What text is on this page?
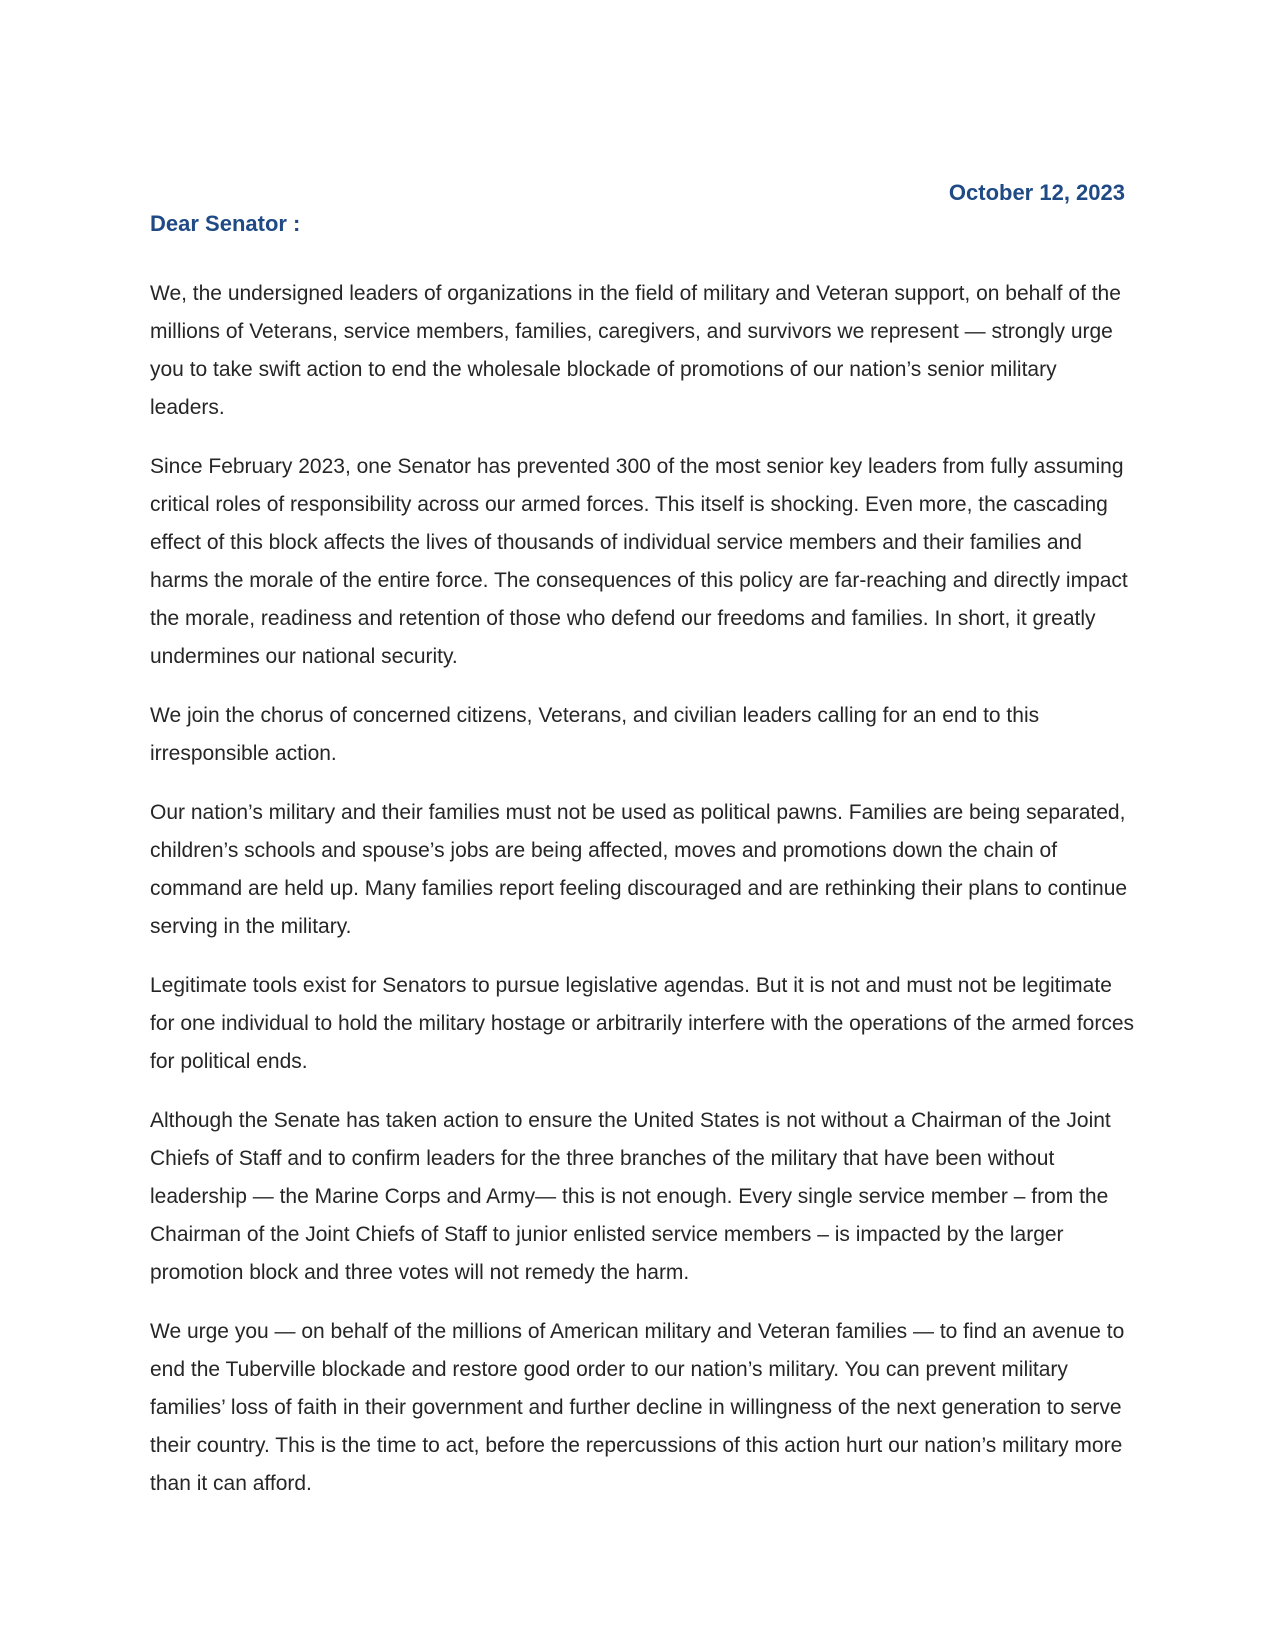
October 12, 2023
Dear Senator :

We, the undersigned leaders of organizations in the field of military and Veteran support, on behalf of the millions of Veterans, service members, families, caregivers, and survivors we represent — strongly urge you to take swift action to end the wholesale blockade of promotions of our nation’s senior military leaders.

Since February 2023, one Senator has prevented 300 of the most senior key leaders from fully assuming critical roles of responsibility across our armed forces. This itself is shocking. Even more, the cascading effect of this block affects the lives of thousands of individual service members and their families and harms the morale of the entire force. The consequences of this policy are far-reaching and directly impact the morale, readiness and retention of those who defend our freedoms and families. In short, it greatly undermines our national security.

We join the chorus of concerned citizens, Veterans, and civilian leaders calling for an end to this irresponsible action.

Our nation’s military and their families must not be used as political pawns. Families are being separated, children’s schools and spouse’s jobs are being affected, moves and promotions down the chain of command are held up. Many families report feeling discouraged and are rethinking their plans to continue serving in the military.

Legitimate tools exist for Senators to pursue legislative agendas. But it is not and must not be legitimate for one individual to hold the military hostage or arbitrarily interfere with the operations of the armed forces for political ends.

Although the Senate has taken action to ensure the United States is not without a Chairman of the Joint Chiefs of Staff and to confirm leaders for the three branches of the military that have been without leadership — the Marine Corps and Army— this is not enough. Every single service member – from the Chairman of the Joint Chiefs of Staff to junior enlisted service members – is impacted by the larger promotion block and three votes will not remedy the harm.

We urge you — on behalf of the millions of American military and Veteran families — to find an avenue to end the Tuberville blockade and restore good order to our nation’s military. You can prevent military families’ loss of faith in their government and further decline in willingness of the next generation to serve their country. This is the time to act, before the repercussions of this action hurt our nation’s military more than it can afford.
